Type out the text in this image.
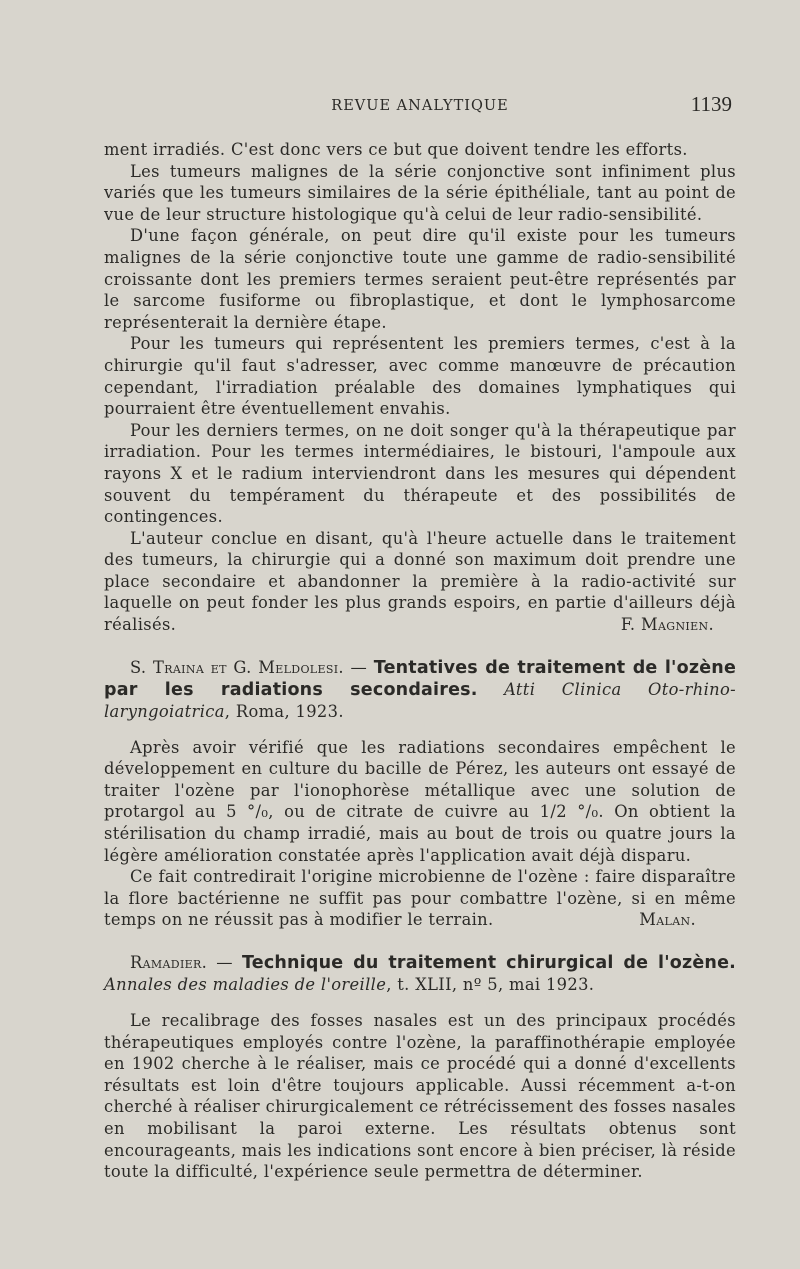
REVUE ANALYTIQUE	1139

ment irradiés. C'est donc vers ce but que doivent tendre les efforts.

Les tumeurs malignes de la série conjonctive sont infiniment plus variés que les tumeurs similaires de la série épithéliale, tant au point de vue de leur structure histologique qu'à celui de leur radio-sensibilité.

D'une façon générale, on peut dire qu'il existe pour les tumeurs malignes de la série conjonctive toute une gamme de radio-sensibilité croissante dont les premiers termes seraient peut-être représentés par le sarcome fusiforme ou fibroplastique, et dont le lymphosarcome représenterait la dernière étape.

Pour les tumeurs qui représentent les premiers termes, c'est à la chirurgie qu'il faut s'adresser, avec comme manœuvre de précaution cependant, l'irradiation préalable des domaines lymphatiques qui pourraient être éventuellement envahis.

Pour les derniers termes, on ne doit songer qu'à la thérapeutique par irradiation. Pour les termes intermédiaires, le bistouri, l'ampoule aux rayons X et le radium interviendront dans les mesures qui dépendent souvent du tempérament du thérapeute et des possibilités de contingences.

L'auteur conclue en disant, qu'à l'heure actuelle dans le traitement des tumeurs, la chirurgie qui a donné son maximum doit prendre une place secondaire et abandonner la première à la radio-activité sur laquelle on peut fonder les plus grands espoirs, en partie d'ailleurs déjà réalisés.	F. Magnien.

S. Traina et G. Meldolesi. — Tentatives de traitement de l'ozène par les radiations secondaires. Atti Clinica Oto-rhino-laryngoiatrica, Roma, 1923.

Après avoir vérifié que les radiations secondaires empêchent le développement en culture du bacille de Pérez, les auteurs ont essayé de traiter l'ozène par l'ionophorèse métallique avec une solution de protargol au 5 °/₀, ou de citrate de cuivre au 1/2 °/₀. On obtient la stérilisation du champ irradié, mais au bout de trois ou quatre jours la légère amélioration constatée après l'application avait déjà disparu.

Ce fait contredirait l'origine microbienne de l'ozène : faire disparaître la flore bactérienne ne suffit pas pour combattre l'ozène, si en même temps on ne réussit pas à modifier le terrain.	Malan.

Ramadier. — Technique du traitement chirurgical de l'ozène. Annales des maladies de l'oreille, t. XLII, nº 5, mai 1923.

Le recalibrage des fosses nasales est un des principaux procédés thérapeutiques employés contre l'ozène, la paraffinothérapie employée en 1902 cherche à le réaliser, mais ce procédé qui a donné d'excellents résultats est loin d'être toujours applicable. Aussi récemment a-t-on cherché à réaliser chirurgicalement ce rétrécissement des fosses nasales en mobilisant la paroi externe. Les résultats obtenus sont encourageants, mais les indications sont encore à bien préciser, là réside toute la difficulté, l'expérience seule permettra de déterminer.
